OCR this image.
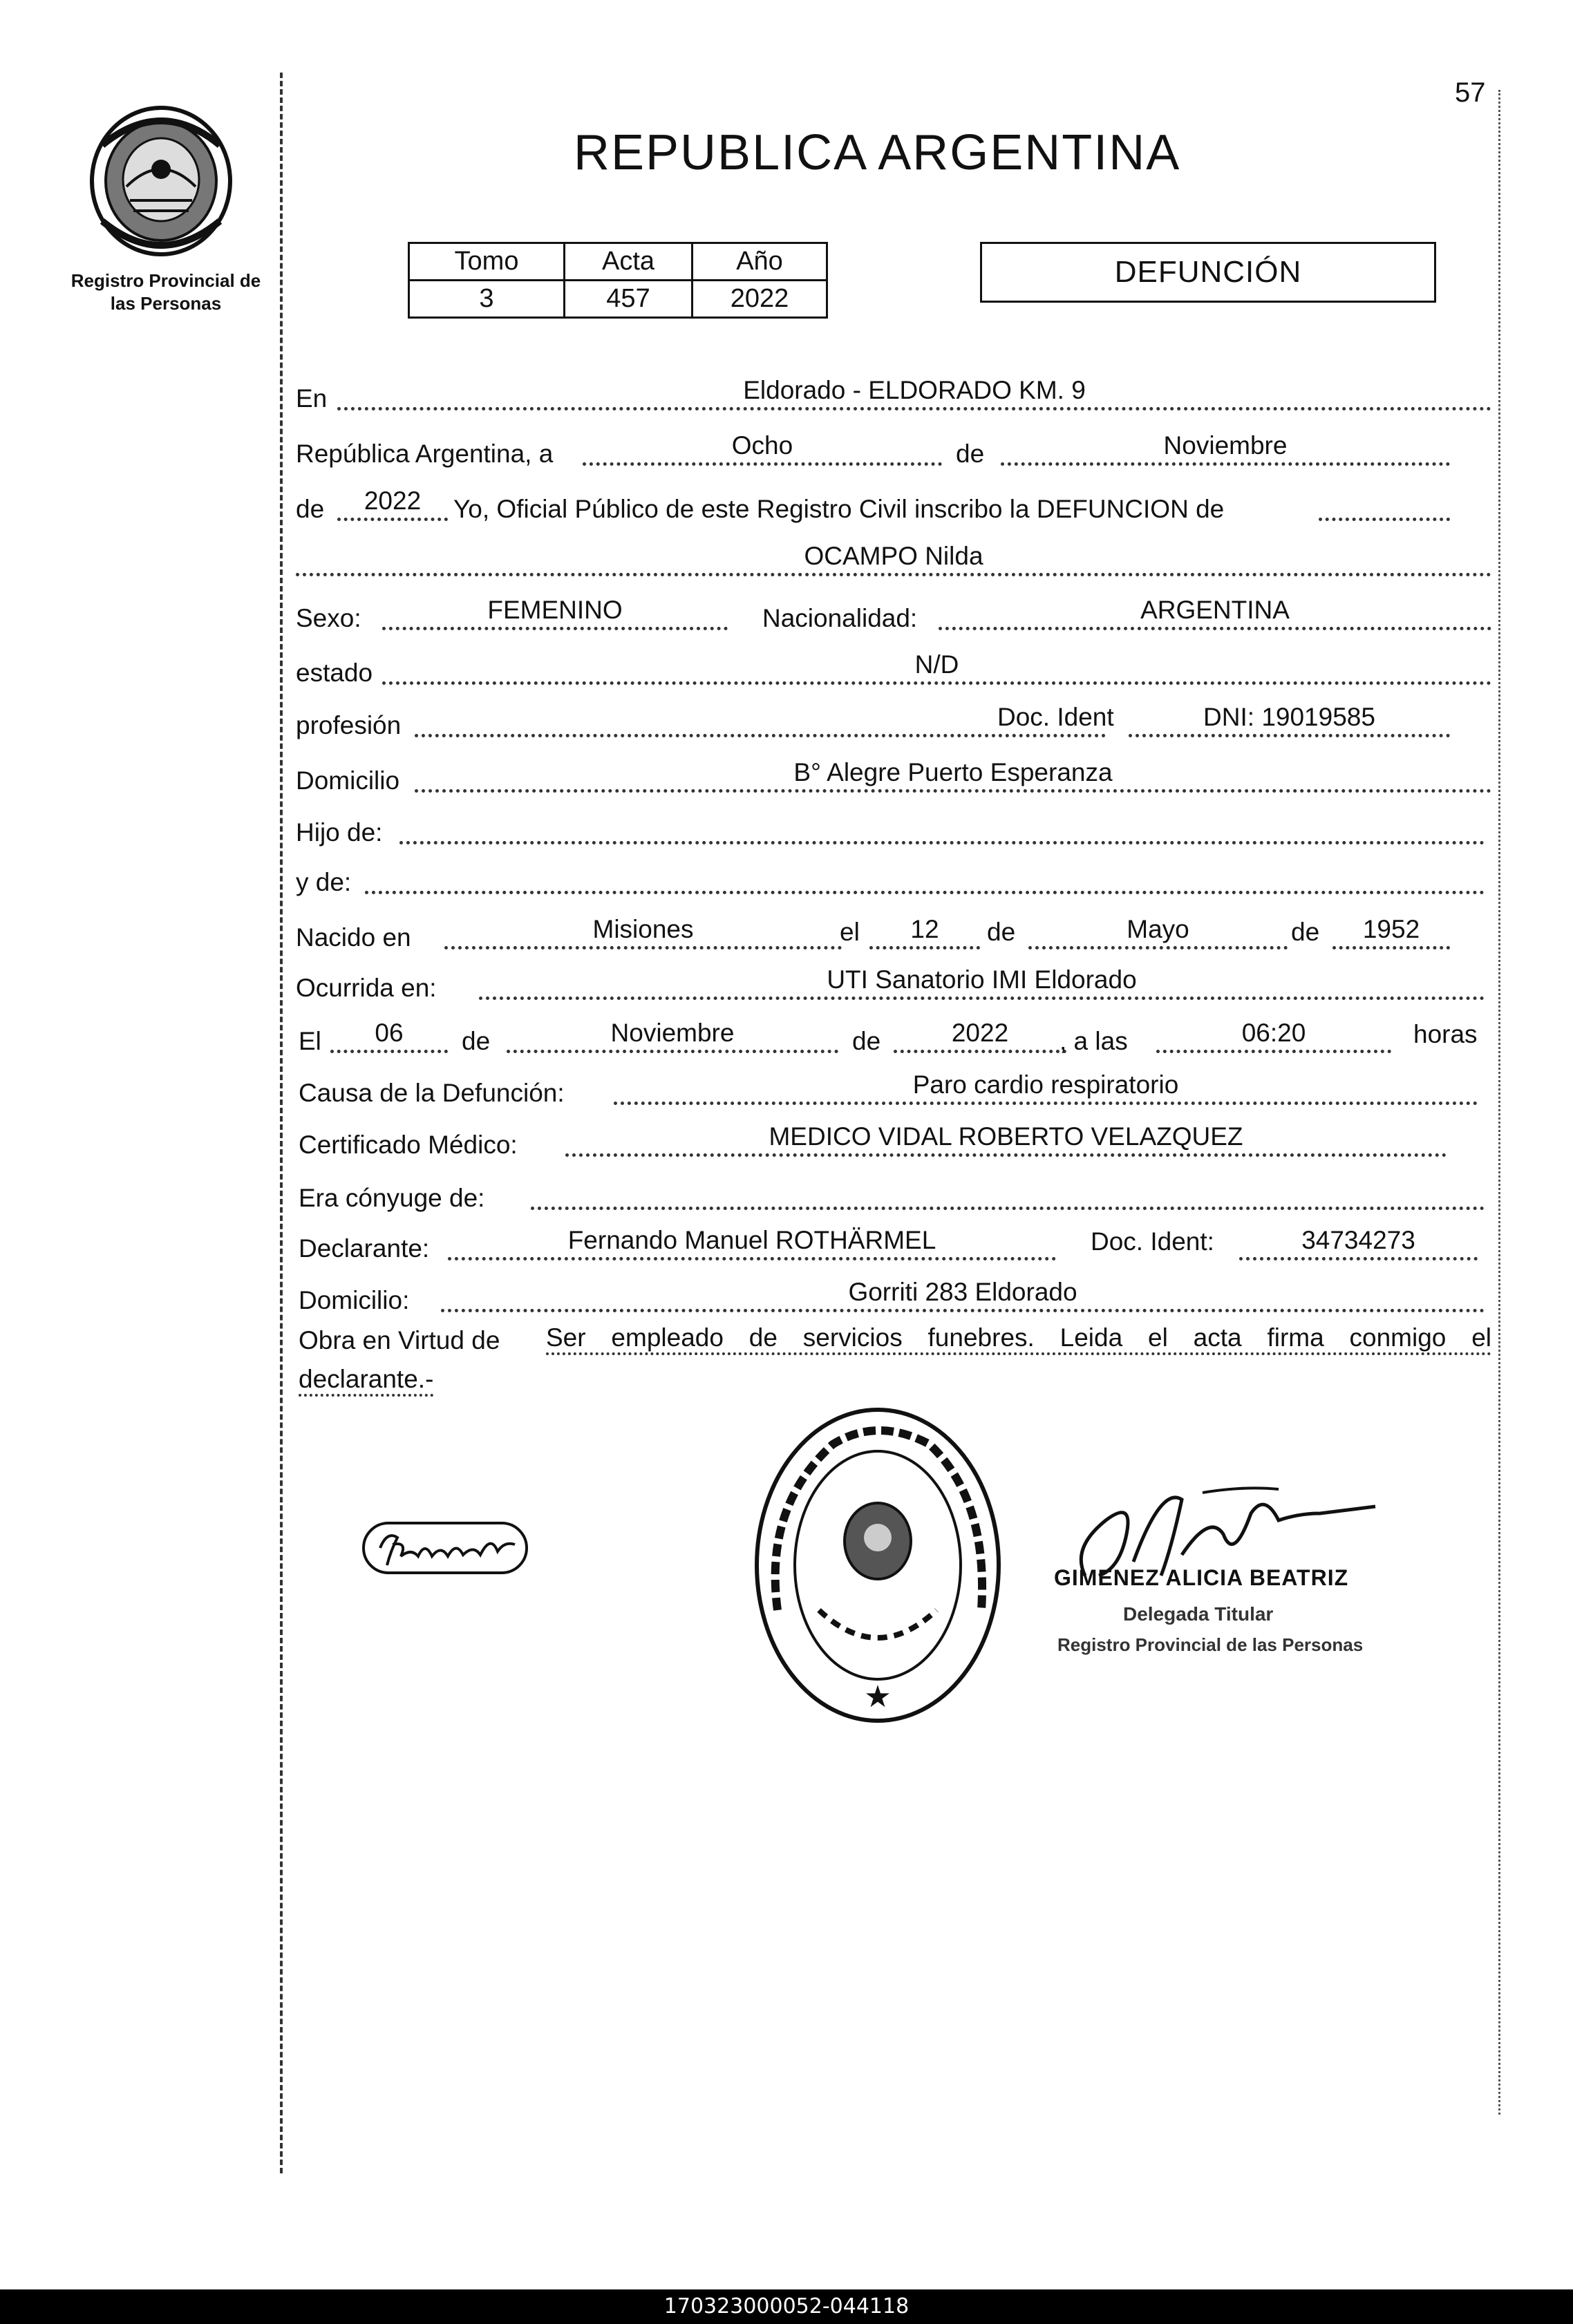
57
Registro Provincial de
las Personas
REPUBLICA ARGENTINA
Tomo	Acta	Año
3	457	2022
DEFUNCIÓN
En	Eldorado - ELDORADO KM. 9
República Argentina, a	Ocho	de	Noviembre
de	2022	Yo, Oficial Público de este Registro Civil inscribo la DEFUNCION de
OCAMPO Nilda
Sexo:	FEMENINO	Nacionalidad:	ARGENTINA
estado	N/D
profesión	Doc. Ident	DNI: 19019585
Domicilio	B° Alegre Puerto Esperanza
Hijo de:
y de:
Nacido en	Misiones	el	12	de	Mayo	de	1952
Ocurrida en:	UTI Sanatorio IMI Eldorado
El	06	de	Noviembre	de	2022	, a las	06:20	horas
Causa de la Defunción:	Paro cardio respiratorio
Certificado Médico:	MEDICO VIDAL ROBERTO VELAZQUEZ
Era cónyuge de:
Declarante:	Fernando Manuel ROTHÄRMEL	Doc. Ident:	34734273
Domicilio:	Gorriti 283 Eldorado
Obra en Virtud de Ser empleado de servicios funebres. Leida el acta firma conmigo el
declarante.-
★
GIMENEZ ALICIA BEATRIZ
Delegada Titular
Registro Provincial de las Personas
170323000052-044118
